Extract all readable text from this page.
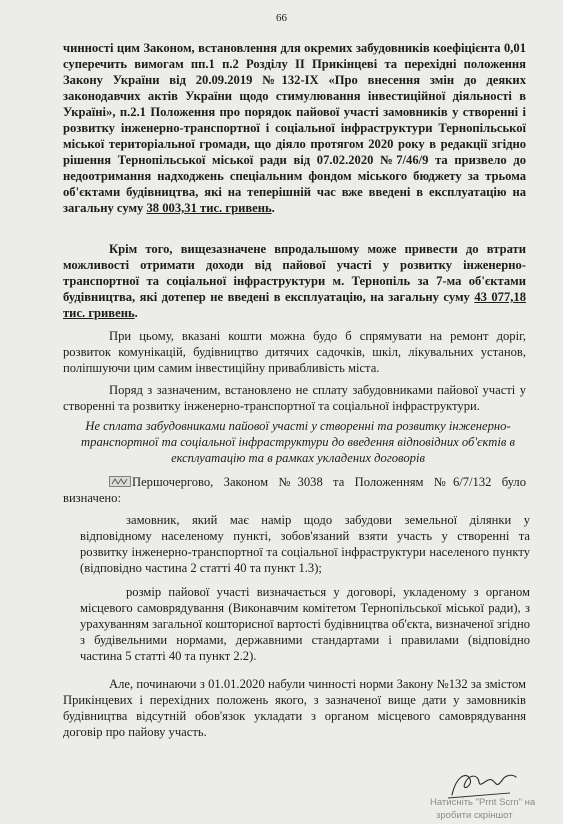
66

чинності цим Законом, встановлення для окремих забудовників коефіцієнта 0,01 суперечить вимогам пп.1 п.2 Розділу ІІ Прикінцеві та перехідні положення Закону України від 20.09.2019 №132-ІХ «Про внесення змін до деяких законодавчих актів України щодо стимулювання інвестиційної діяльності в Україні», п.2.1 Положення про порядок пайової участі замовників у створенні і розвитку інженерно-транспортної і соціальної інфраструктури Тернопільської міської територіальної громади, що діяло протягом 2020 року в редакції згідно рішення Тернопільської міської ради від 07.02.2020 №7/46/9 та призвело до недоотримання надходжень спеціальним фондом міського бюджету за трьома об'єктами будівництва, які на теперішній час вже введені в експлуатацію на загальну суму 38 003,31 тис. гривень.

Крім того, вищезазначене впродальшому може привести до втрати можливості отримати доходи від пайової участі у розвитку інженерно-транспортної та соціальної інфраструктури м. Тернопіль за 7-ма об'єктами будівництва, які дотепер не введені в експлуатацію, на загальну суму 43 077,18 тис. гривень.

При цьому, вказані кошти можна будо б спрямувати на ремонт доріг, розвиток комунікацій, будівництво дитячих садочків, шкіл, лікувальних установ, поліпшуючи цим самим інвестиційну привабливість міста.

Поряд з зазначеним, встановлено не сплату забудовниками пайової участі у створенні та розвитку інженерно-транспортної та соціальної інфраструктури.

Не сплата забудовниками пайової участі у створенні та розвитку інженерно-транспортної та соціальної інфраструктури до введення відповідних об'єктів в експлуатацію та в рамках укладених договорів

Першочергово, Законом №3038 та Положенням №6/7/132 було визначено:

замовник, який має намір щодо забудови земельної ділянки у відповідному населеному пункті, зобов'язаний взяти участь у створенні та розвитку інженерно-транспортної та соціальної інфраструктури населеного пункту (відповідно частина 2 статті 40 та пункт 1.3);

розмір пайової участі визначається у договорі, укладеному з органом місцевого самоврядування (Виконавчим комітетом Тернопільської міської ради), з урахуванням загальної кошторисної вартості будівництва об'єкта, визначеної згідно з будівельними нормами, державними стандартами і правилами (відповідно частина 5 статті 40 та пункт 2.2).

Але, починаючи з 01.01.2020 набули чинності норми Закону №132 за змістом Прикінцевих і перехідних положень якого, з зазначеної вище дати у замовників будівництва відсутній обов'язок укладати з органом місцевого самоврядування договір про пайову участь.

Натисніть "Prnt Scrn" на
зробити скріншот
